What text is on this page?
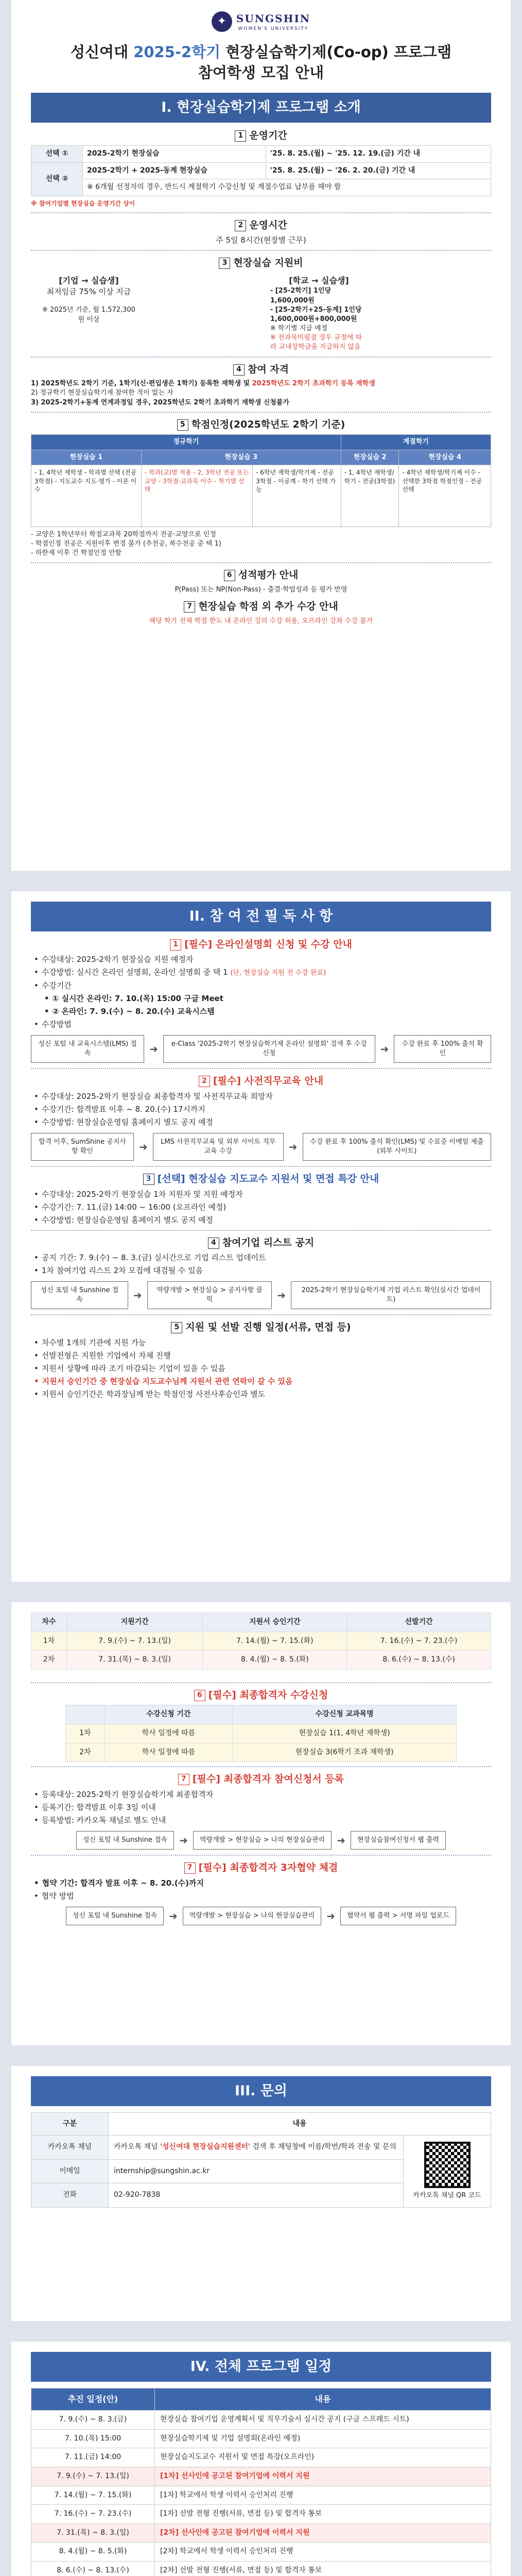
✦ SUNGSHIN
WOMEN'S UNIVERSITY
성신여대 2025-2학기 현장실습학기제(Co-op) 프로그램
참여학생 모집 안내
I. 현장실습학기제 프로그램 소개
1 운영기간
선택 ①	2025-2학기 현장실습	'25. 8. 25.(월) ~ '25. 12. 19.(금) 기간 내
선택 ②	2025-2학기 + 2025-동계 현장실습	'25. 8. 25.(월) ~ '26. 2. 20.(금) 기간 내
	※ 6개월 선정자의 경우, 반드시 계절학기 수강신청 및 계절수업료 납부를 해야 함	
※ 참여기업별 현장실습 운영기간 상이
2 운영시간
주 5일 8시간(현장별 근무)
3 현장실습 지원비
[기업 → 실습생]
최저임금 75% 이상 지급
※ 2025년 기준, 월 1,572,300원 이상
[학교 → 실습생]
- [25-2학기] 1인당 1,600,000원
- [25-2학기+25-동계] 1인당 1,600,000원+800,000원
※ 학기별 지급 예정
※ 전과목미평점 경우 규정에 따라 교내장학금을 지급하지 않음
4 참여 자격
1) 2025학년도 2학기 기준, 1학기(신·편입생은 1학기) 등록한 재학생 및 2025학년도 2학기 초과학기 등록 재학생
2) 정규학기 현장실습학기제 참여한 적이 없는 자
3) 2025-2학기+동계 연계과정일 경우, 2025학년도 2학기 초과학기 재학생 신청불가
5 학점인정(2025학년도 2학기 기준)
정규학기			계절학기	
현장실습 1	현장실습 3		현장실습 2	현장실습 4
- 1, 4학년 재학생 - 학과별 선택 (전공 3학점) - 지도교수 지도·평가 - 이론 이수	- 학과(교)별 적용 - 2, 3학년 전공 또는 교양 - 3학점·교과목 이수 - 학기별 선택	- 6학년 재학생/학기제 - 전공 3학점 - 이공계 - 학기 선택 가능	- 1, 4학년 재학생/학기 - 전공(3학점)	- 4학년 재학생/학기제 이수 - 선택한 3학점 학점인정 - 전공 선택
- 교양은 1학년부터 학점교과목 20학점까지 전공·교양으로 인정
- 학점인정 전공은 지원이후 변경 불가 (추천공, 복수전공 중 택 1)
- 하한제 이후 건 학점인정 안함
6 성적평가 안내
P(Pass) 또는 NP(Non-Pass) - 출결·학업성과 등 평가 반영
7 현장실습 학점 외 추가 수강 안내
해당 학기 전체 학점 한도 내 온라인 강의 수강 허용, 오프라인 강좌 수강 불가
II. 참 여 전 필 독 사 항
1 [필수] 온라인설명회 신청 및 수강 안내
• 수강대상: 2025-2학기 현장실습 지원 예정자
• 수강방법: 실시간 온라인 설명회, 온라인 설명회 중 택 1 (단, 현장실습 지원 전 수강 완료)
• 수강기간
• ① 실시간 온라인: 7. 10.(목) 15:00 구글 Meet
• ② 온라인: 7. 9.(수) ~ 8. 20.(수) 교육시스템
• 수강방법
성신 포털 내 교육시스템(LMS) 접속	➜	e-Class '2025-2학기 현장실습학기제 온라인 설명회' 검색 후 수강신청	➜	수강 완료 후 100% 출석 확인
2 [필수] 사전직무교육 안내
• 수강대상: 2025-2학기 현장실습 최종합격자 및 사전직무교육 희망자
• 수강기간: 합격발표 이후 ~ 8. 20.(수) 17시까지
• 수강방법: 현장실습운영팀 홈페이지 별도 공지 예정
합격 이후, SumShine 공지사항 확인	➜	LMS 사전직무교육 및 외부 사이트 직무교육 수강	➜	수강 완료 후 100% 출석 확인(LMS) 및 수료증 이메일 제출(외부 사이트)
3 [선택] 현장실습 지도교수 지원서 및 면접 특강 안내
• 수강대상: 2025-2학기 현장실습 1차 지원자 및 지원 예정자
• 수강기간: 7. 11.(금) 14:00 ~ 16:00 (오프라인 예정)
• 수강방법: 현장실습운영팀 홈페이지 별도 공지 예정
4 참여기업 리스트 공지
• 공지 기간: 7. 9.(수) ~ 8. 3.(금) 실시간으로 기업 리스트 업데이트
• 1차 참여기업 리스트 2차 모집에 대검될 수 있음
성신 포털 내 Sunshine 접속	➜	역량개발 > 현장실습 > 공지사항 클릭	➜	2025-2학기 현장실습학기제 기업 리스트 확인(실시간 업데이트)
5 지원 및 선발 진행 일정(서류, 면접 등)
• 차수별 1개의 기관에 지원 가능
• 선발전형은 지원한 기업에서 자체 진행
• 지원서 상황에 따라 조기 마감되는 기업이 있을 수 있음
• 지원서 승인기간 중 현장실습 지도교수님께 지원서 관련 연락이 갈 수 있음
• 지원서 승인기간은 학과장님께 받는 학점인정 사전사후승인과 별도
차수	지원기간	지원서 승인기간	선발기간
1차	7. 9.(수) ~ 7. 13.(일)	7. 14.(월) ~ 7. 15.(화)	7. 16.(수) ~ 7. 23.(수)
2차	7. 31.(목) ~ 8. 3.(일)	8. 4.(월) ~ 8. 5.(화)	8. 6.(수) ~ 8. 13.(수)
6 [필수] 최종합격자 수강신청
	수강신청 기간	수강신청 교과목명
1차	학사 일정에 따름	현장실습 1(1, 4학년 재학생)
2차	학사 일정에 따름	현장실습 3(6학기 조과 재학생)
7 [필수] 최종합격자 참여신청서 등록
• 등록대상: 2025-2학기 현장실습학기제 최종합격자
• 등록기간: 합격발표 이후 3일 이내
• 등록방법: 카카오톡 채널로 별도 안내
성신 포털 내 Sunshine 접속	➜	역량개발 > 현장실습 > 나의 현장실습관리	➜	현장실습참여신청서 웹 출력
7 [필수] 최종합격자 3자협약 체결
• 협약 기간: 합격자 발표 이후 ~ 8. 20.(수)까지
• 협약 방법
성신 포털 내 Sunshine 접속	➜	역량개발 > 현장실습 > 나의 현장실습관리	➜	협약서 웹 출력 > 서명 파일 업로드
III. 문의
구분	내용	
카카오톡 채널	카카오톡 채널 '성신여대 현장실습지원센터' 검색 후 채팅창에 이름/학번/학과 전송 및 문의	카카오톡 채널 QR 코드

이메일	internship@sungshin.ac.kr	
전화	02-920-7838	
IV. 전체 프로그램 일정
추진 일정(안)	내용
7. 9.(수) ~ 8. 3.(금)	현장실습 참여기업 운영계획서 및 직무기술서 실시간 공지 (구글 스프레드 시트)
7. 10.(목) 15:00	현장실습학기제 및 기업 설명회(온라인 예정)
7. 11.(금) 14:00	현장실습지도교수 지원서 및 면접 특강(오프라인)
7. 9.(수) ~ 7. 13.(일)	[1차] 선사인에 공고된 참여기업에 이력서 지원
7. 14.(월) ~ 7. 15.(화)	[1차] 학교에서 학생 이력서 승인처리 진행
7. 16.(수) ~ 7. 23.(수)	[1차] 선발 전형 진행(서류, 면접 등) 및 합격자 통보
7. 31.(목) ~ 8. 3.(일)	[2차] 선사인에 공고된 참여기업에 이력서 지원
8. 4.(월) ~ 8. 5.(화)	[2차] 학교에서 학생 이력서 승인처리 진행
8. 6.(수) ~ 8. 13.(수)	[2차] 선발 전형 진행(서류, 면접 등) 및 합격자 통보
